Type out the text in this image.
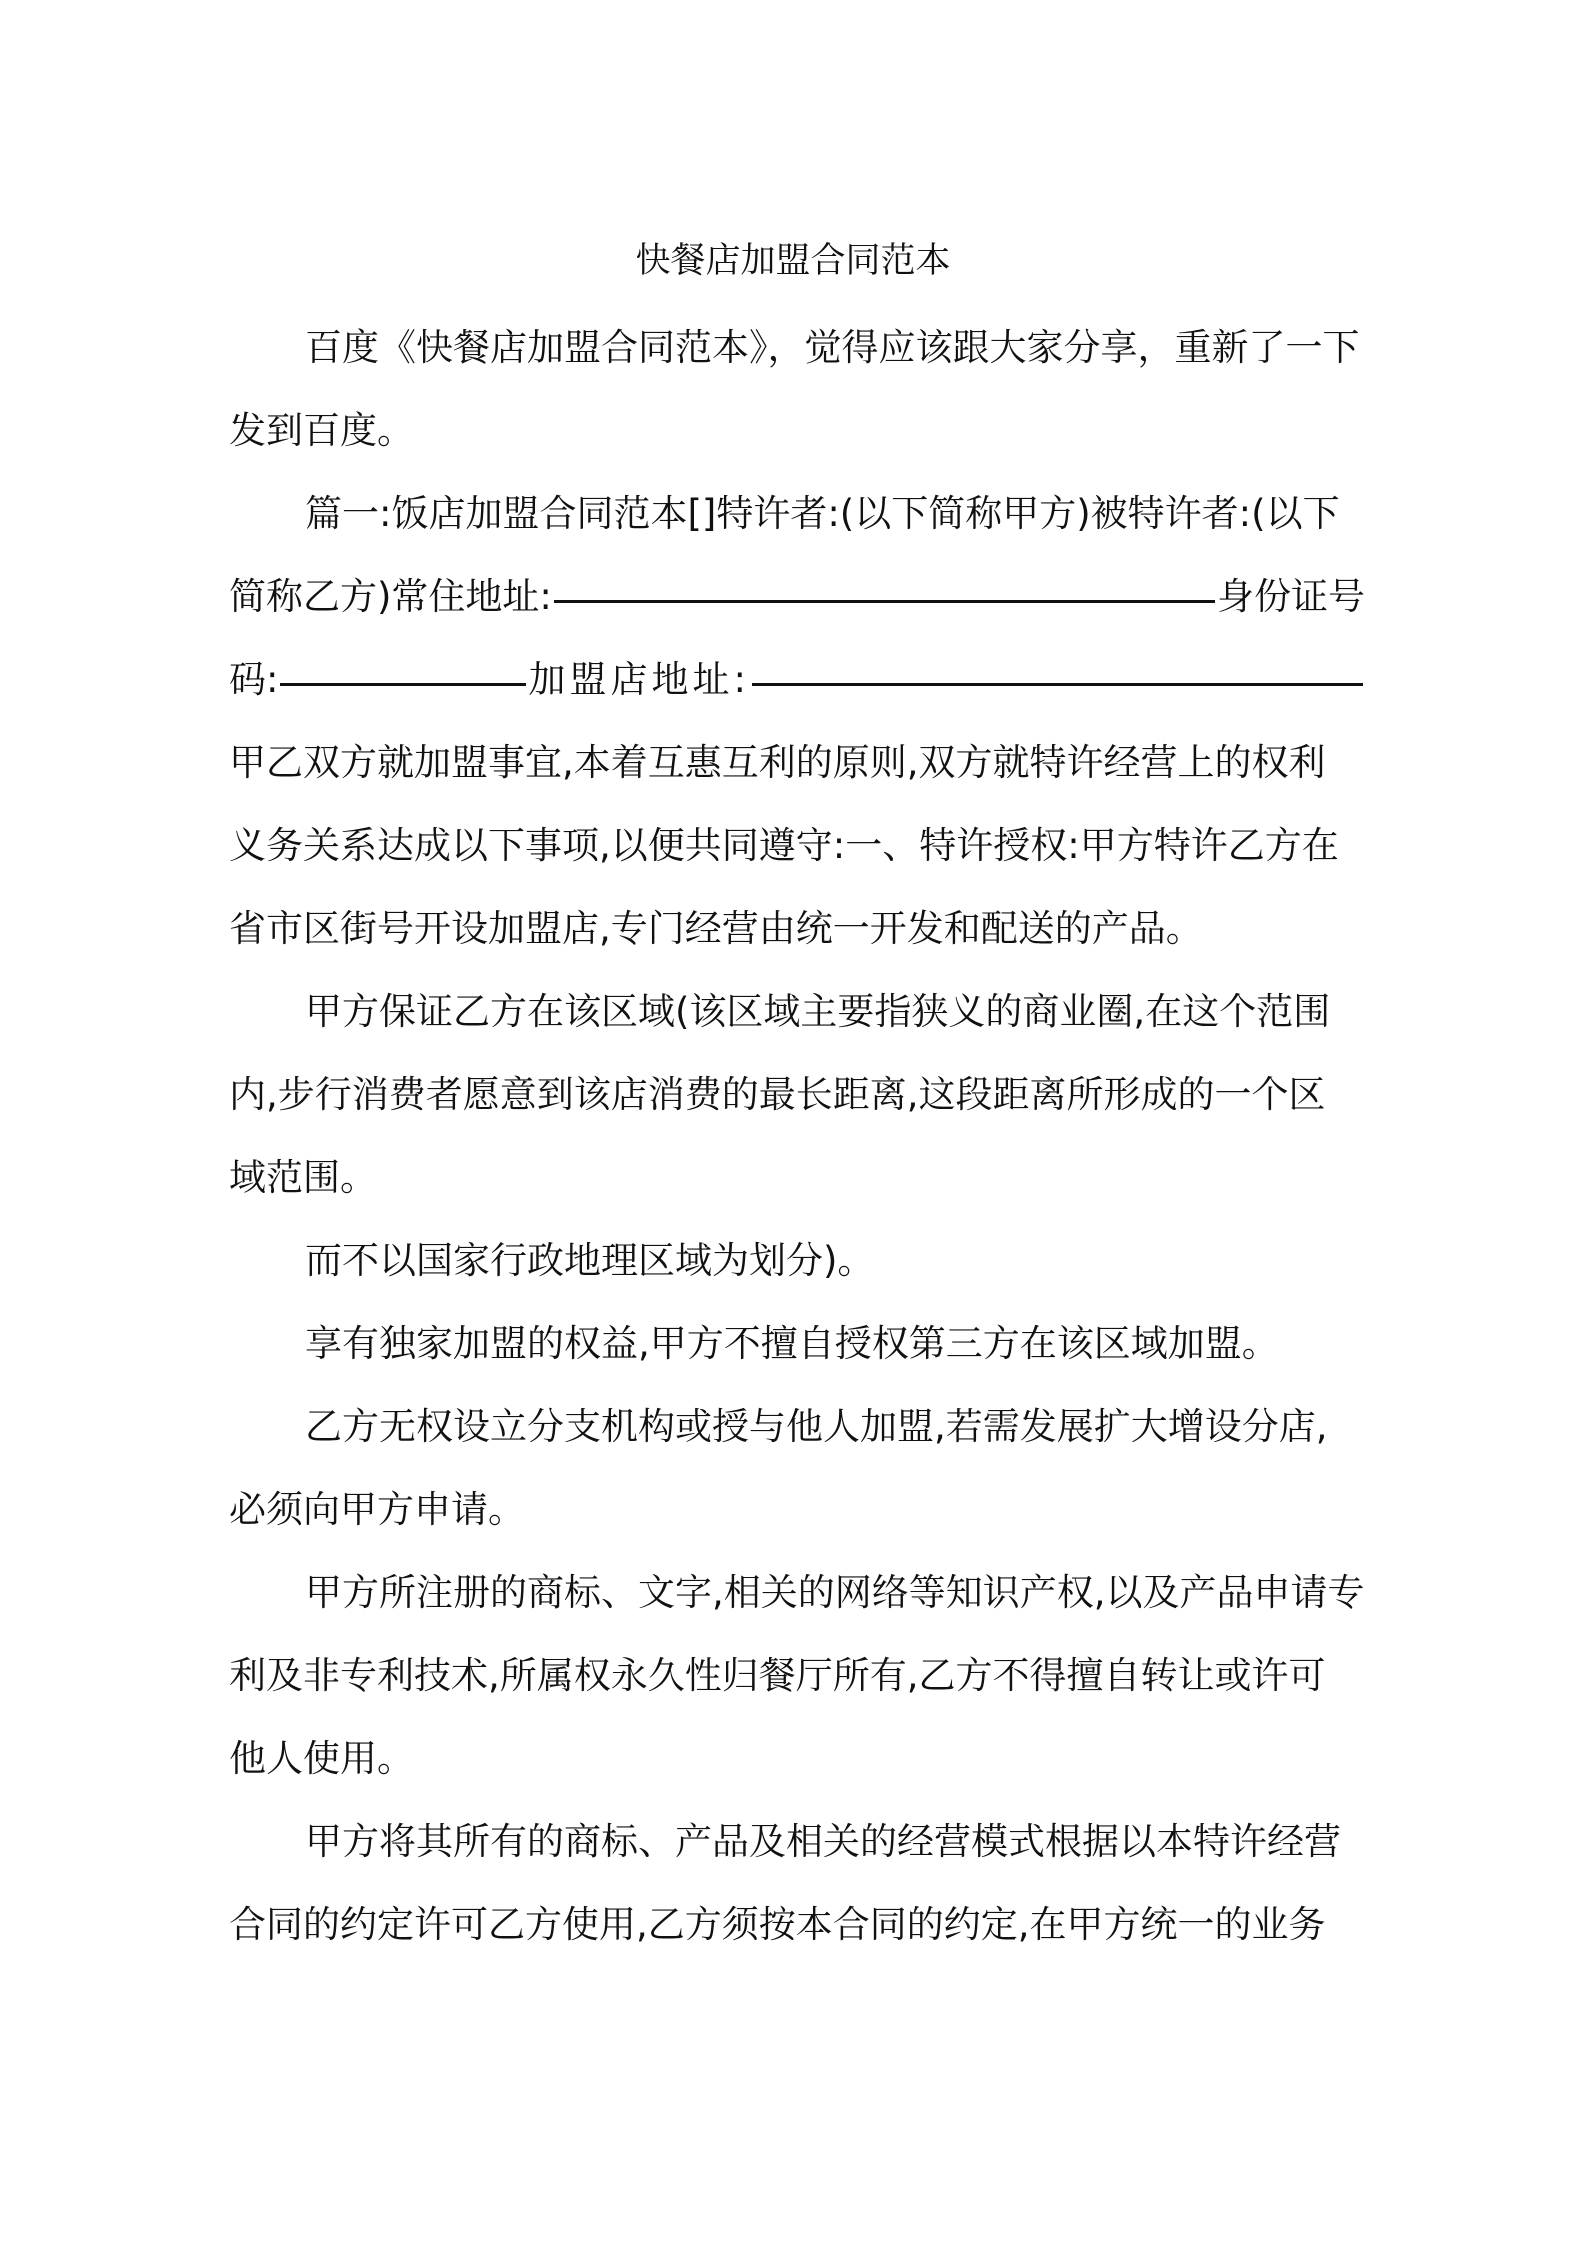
快餐店加盟合同范本
百度《快餐店加盟合同范本》，觉得应该跟大家分享，重新了一下
发到百度。
篇一:饭店加盟合同范本[]特许者:(以下简称甲方)被特许者:(以下
简称乙方)常住地址:	身份证号
码:	加盟店地址:
甲乙双方就加盟事宜,本着互惠互利的原则,双方就特许经营上的权利
义务关系达成以下事项,以便共同遵守:一、特许授权:甲方特许乙方在
省市区街号开设加盟店,专门经营由统一开发和配送的产品。
甲方保证乙方在该区域(该区域主要指狭义的商业圈,在这个范围
内,步行消费者愿意到该店消费的最长距离,这段距离所形成的一个区
域范围。
而不以国家行政地理区域为划分)。
享有独家加盟的权益,甲方不擅自授权第三方在该区域加盟。
乙方无权设立分支机构或授与他人加盟,若需发展扩大增设分店,
必须向甲方申请。
甲方所注册的商标、文字,相关的网络等知识产权,以及产品申请专
利及非专利技术,所属权永久性归餐厅所有,乙方不得擅自转让或许可
他人使用。
甲方将其所有的商标、产品及相关的经营模式根据以本特许经营
合同的约定许可乙方使用,乙方须按本合同的约定,在甲方统一的业务
